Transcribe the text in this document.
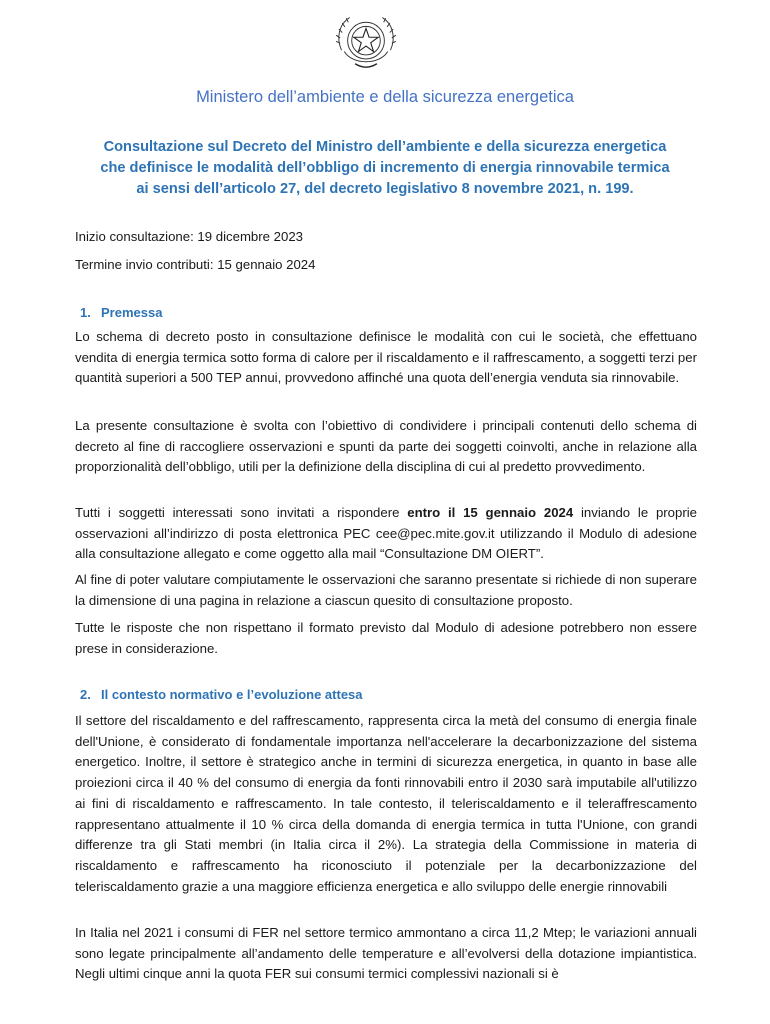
Ministero dell’ambiente e della sicurezza energetica
Consultazione sul Decreto del Ministro dell’ambiente e della sicurezza energetica
che definisce le modalità dell’obbligo di incremento di energia rinnovabile termica
ai sensi dell’articolo 27, del decreto legislativo 8 novembre 2021, n. 199.
Inizio consultazione: 19 dicembre 2023
Termine invio contributi: 15 gennaio 2024
1. Premessa

Lo schema di decreto posto in consultazione definisce le modalità con cui le società, che effettuano vendita di energia termica sotto forma di calore per il riscaldamento e il raffrescamento, a soggetti terzi per quantità superiori a 500 TEP annui, provvedono affinché una quota dell’energia venduta sia rinnovabile.

La presente consultazione è svolta con l’obiettivo di condividere i principali contenuti dello schema di decreto al fine di raccogliere osservazioni e spunti da parte dei soggetti coinvolti, anche in relazione alla proporzionalità dell’obbligo, utili per la definizione della disciplina di cui al predetto provvedimento.

Tutti i soggetti interessati sono invitati a rispondere entro il 15 gennaio 2024 inviando le proprie osservazioni all’indirizzo di posta elettronica PEC cee@pec.mite.gov.it utilizzando il Modulo di adesione alla consultazione allegato e come oggetto alla mail “Consultazione DM OIERT”.

Al fine di poter valutare compiutamente le osservazioni che saranno presentate si richiede di non superare la dimensione di una pagina in relazione a ciascun quesito di consultazione proposto.

Tutte le risposte che non rispettano il formato previsto dal Modulo di adesione potrebbero non essere prese in considerazione.

2. Il contesto normativo e l’evoluzione attesa

Il settore del riscaldamento e del raffrescamento, rappresenta circa la metà del consumo di energia finale dell'Unione, è considerato di fondamentale importanza nell'accelerare la decarbonizzazione del sistema energetico. Inoltre, il settore è strategico anche in termini di sicurezza energetica, in quanto in base alle proiezioni circa il 40 % del consumo di energia da fonti rinnovabili entro il 2030 sarà imputabile all'utilizzo ai fini di riscaldamento e raffrescamento. In tale contesto, il teleriscaldamento e il teleraffrescamento rappresentano attualmente il 10 % circa della domanda di energia termica in tutta l'Unione, con grandi differenze tra gli Stati membri (in Italia circa il 2%). La strategia della Commissione in materia di riscaldamento e raffrescamento ha riconosciuto il potenziale per la decarbonizzazione del teleriscaldamento grazie a una maggiore efficienza energetica e allo sviluppo delle energie rinnovabili

In Italia nel 2021 i consumi di FER nel settore termico ammontano a circa 11,2 Mtep; le variazioni annuali sono legate principalmente all’andamento delle temperature e all’evolversi della dotazione impiantistica. Negli ultimi cinque anni la quota FER sui consumi termici complessivi nazionali si è
